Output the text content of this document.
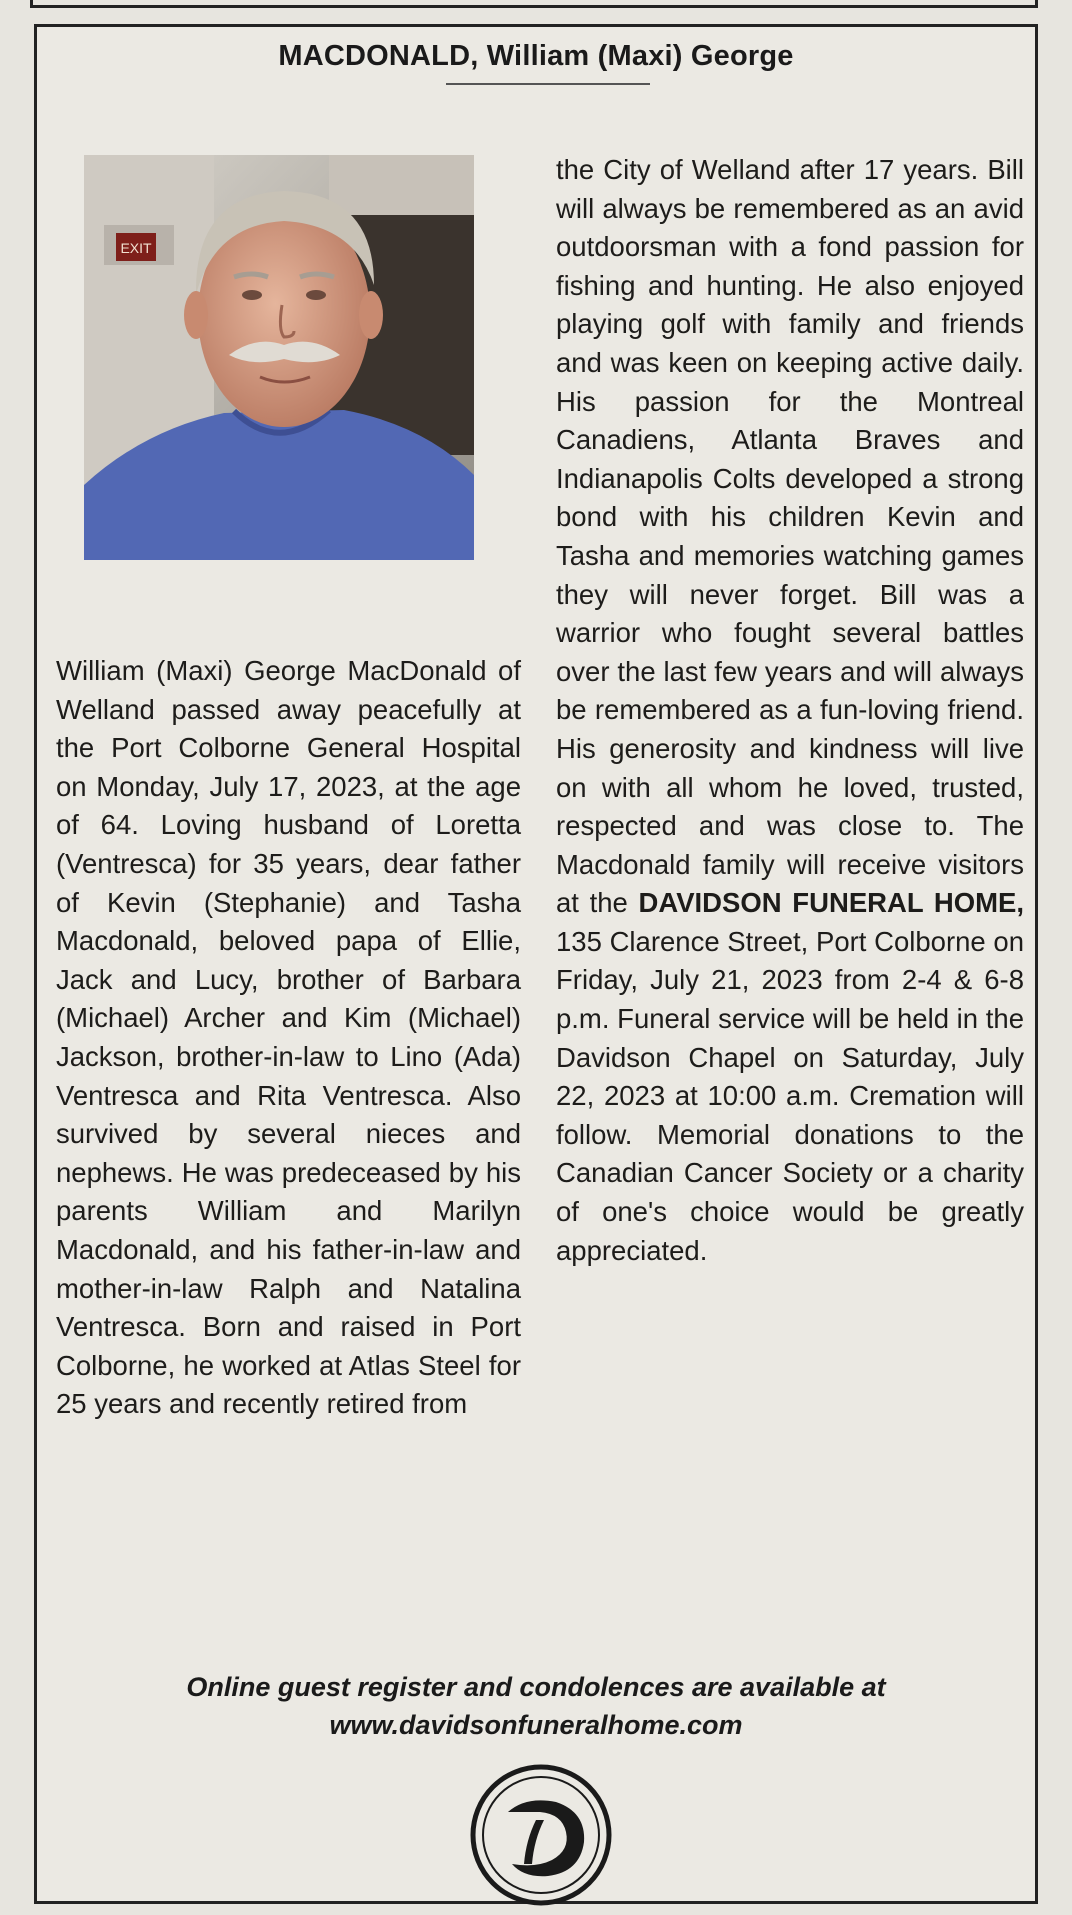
MACDONALD, William (Maxi) George
EXIT

William (Maxi) George MacDonald of Welland passed away peacefully at the Port Colborne General Hospital on Monday, July 17, 2023, at the age of 64. Loving husband of Loretta (Ventresca) for 35 years, dear father of Kevin (Stephanie) and Tasha Macdonald, beloved papa of Ellie, Jack and Lucy, brother of Barbara (Michael) Archer and Kim (Michael) Jackson, brother-in-law to Lino (Ada) Ventresca and Rita Ventresca. Also survived by several nieces and nephews. He was predeceased by his parents William and Marilyn Macdonald, and his father-in-law and mother-in-law Ralph and Natalina Ventresca. Born and raised in Port Colborne, he worked at Atlas Steel for 25 years and recently retired from

the City of Welland after 17 years. Bill will always be remembered as an avid outdoorsman with a fond passion for fishing and hunting. He also enjoyed playing golf with family and friends and was keen on keeping active daily. His passion for the Montreal Canadiens, Atlanta Braves and Indianapolis Colts developed a strong bond with his children Kevin and Tasha and memories watching games they will never forget. Bill was a warrior who fought several battles over the last few years and will always be remembered as a fun-loving friend. His generosity and kindness will live on with all whom he loved, trusted, respected and was close to. The Macdonald family will receive visitors at the DAVIDSON FUNERAL HOME, 135 Clarence Street, Port Colborne on Friday, July 21, 2023 from 2-4 & 6-8 p.m. Funeral service will be held in the Davidson Chapel on Saturday, July 22, 2023 at 10:00 a.m. Cremation will follow. Memorial donations to the Canadian Cancer Society or a charity of one's choice would be greatly appreciated.

Online guest register and condolences are available at
www.davidsonfuneralhome.com
